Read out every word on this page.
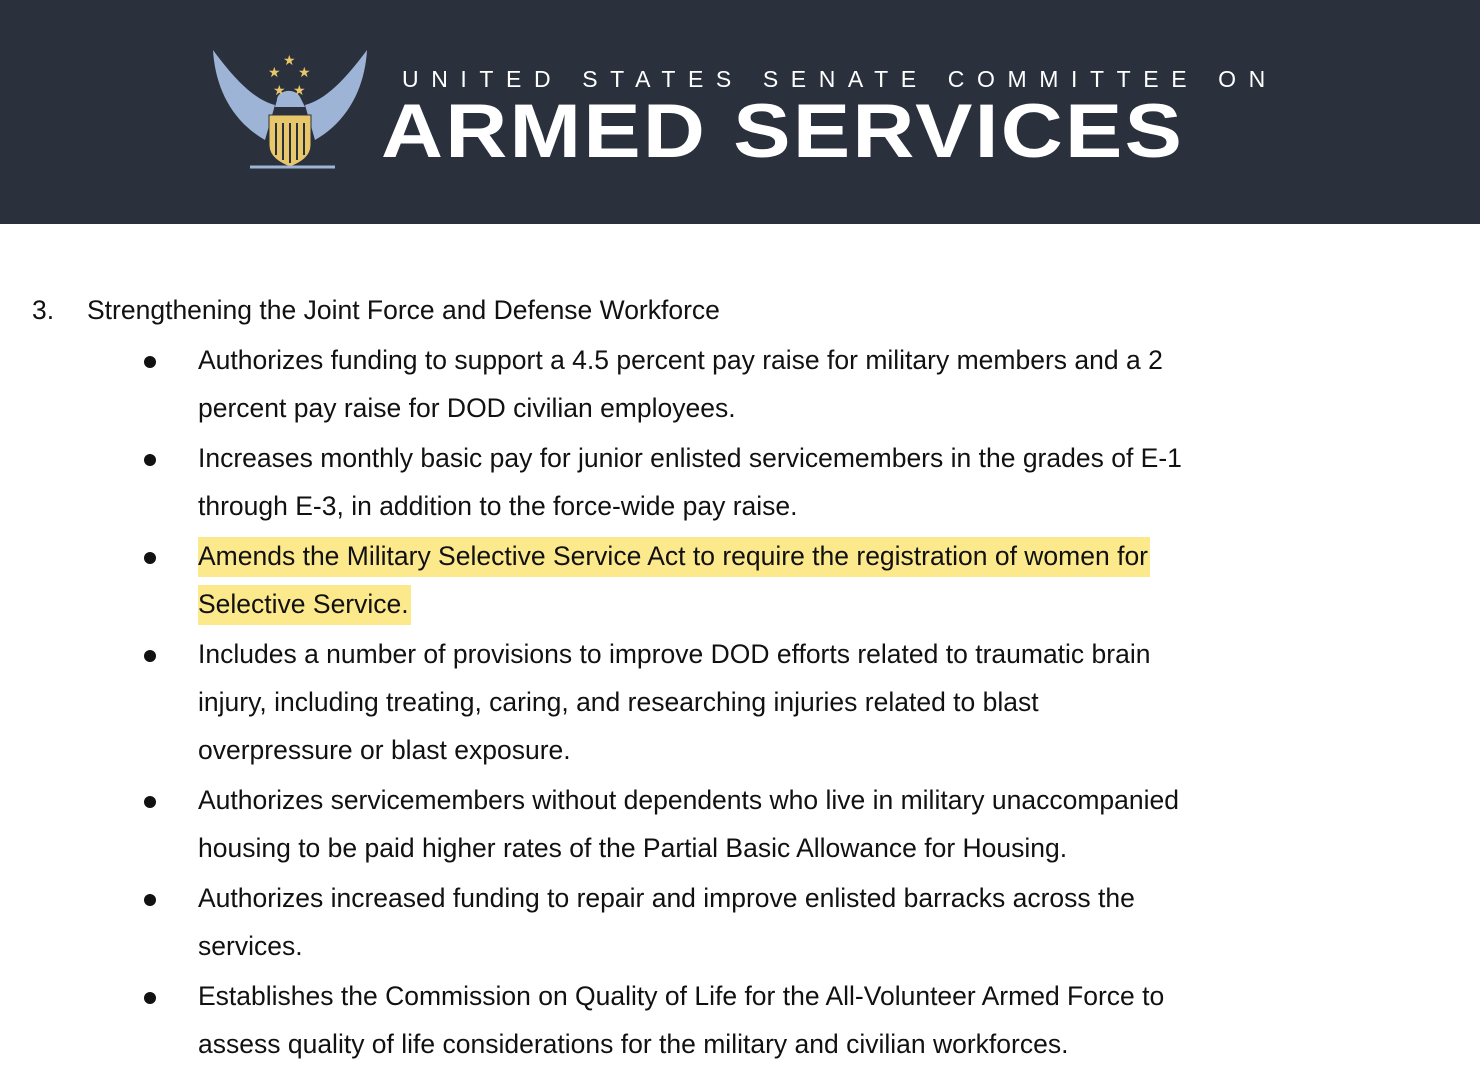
★
★ ★
★ ★	UNITED STATES SENATE COMMITTEE ON
ARMED SERVICES
3. Strengthening the Joint Force and Defense Workforce
Authorizes funding to support a 4.5 percent pay raise for military members and a 2
percent pay raise for DOD civilian employees.
Increases monthly basic pay for junior enlisted servicemembers in the grades of E-1
through E-3, in addition to the force-wide pay raise.
Amends the Military Selective Service Act to require the registration of women for
Selective Service.
Includes a number of provisions to improve DOD efforts related to traumatic brain
injury, including treating, caring, and researching injuries related to blast
overpressure or blast exposure.
Authorizes servicemembers without dependents who live in military unaccompanied
housing to be paid higher rates of the Partial Basic Allowance for Housing.
Authorizes increased funding to repair and improve enlisted barracks across the
services.
Establishes the Commission on Quality of Life for the All-Volunteer Armed Force to
assess quality of life considerations for the military and civilian workforces.
